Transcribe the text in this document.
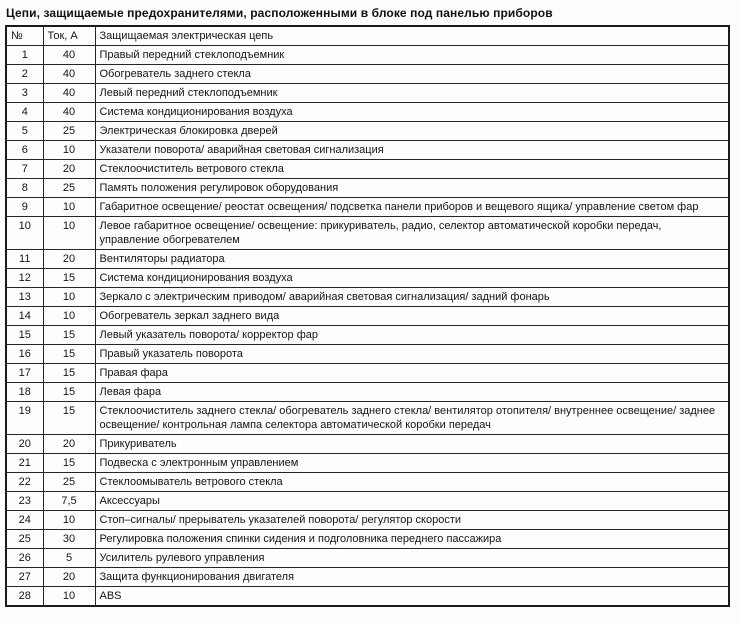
Цепи, защищаемые предохранителями, расположенными в блоке под панелью приборов
№	Ток, А	Защищаемая электрическая цепь
1	40	Правый передний стеклоподъемник
2	40	Обогреватель заднего стекла
3	40	Левый передний стеклоподъемник
4	40	Система кондиционирования воздуха
5	25	Электрическая блокировка дверей
6	10	Указатели поворота/ аварийная световая сигнализация
7	20	Стеклоочиститель ветрового стекла
8	25	Память положения регулировок оборудования
9	10	Габаритное освещение/ реостат освещения/ подсветка панели приборов и вещевого ящика/ управление светом фар
10	10	Левое габаритное освещение/ освещение: прикуриватель, радио, селектор автоматической коробки передач, управление обогревателем
11	20	Вентиляторы радиатора
12	15	Система кондиционирования воздуха
13	10	Зеркало с электрическим приводом/ аварийная световая сигнализация/ задний фонарь
14	10	Обогреватель зеркал заднего вида
15	15	Левый указатель поворота/ корректор фар
16	15	Правый указатель поворота
17	15	Правая фара
18	15	Левая фара
19	15	Стеклоочиститель заднего стекла/ обогреватель заднего стекла/ вентилятор отопителя/ внутреннее освещение/ заднее освещение/ контрольная лампа селектора автоматической коробки передач
20	20	Прикуриватель
21	15	Подвеска с электронным управлением
22	25	Стеклоомыватель ветрового стекла
23	7,5	Аксессуары
24	10	Стоп–сигналы/ прерыватель указателей поворота/ регулятор скорости
25	30	Регулировка положения спинки сидения и подголовника переднего пассажира
26	5	Усилитель рулевого управления
27	20	Защита функционирования двигателя
28	10	ABS
